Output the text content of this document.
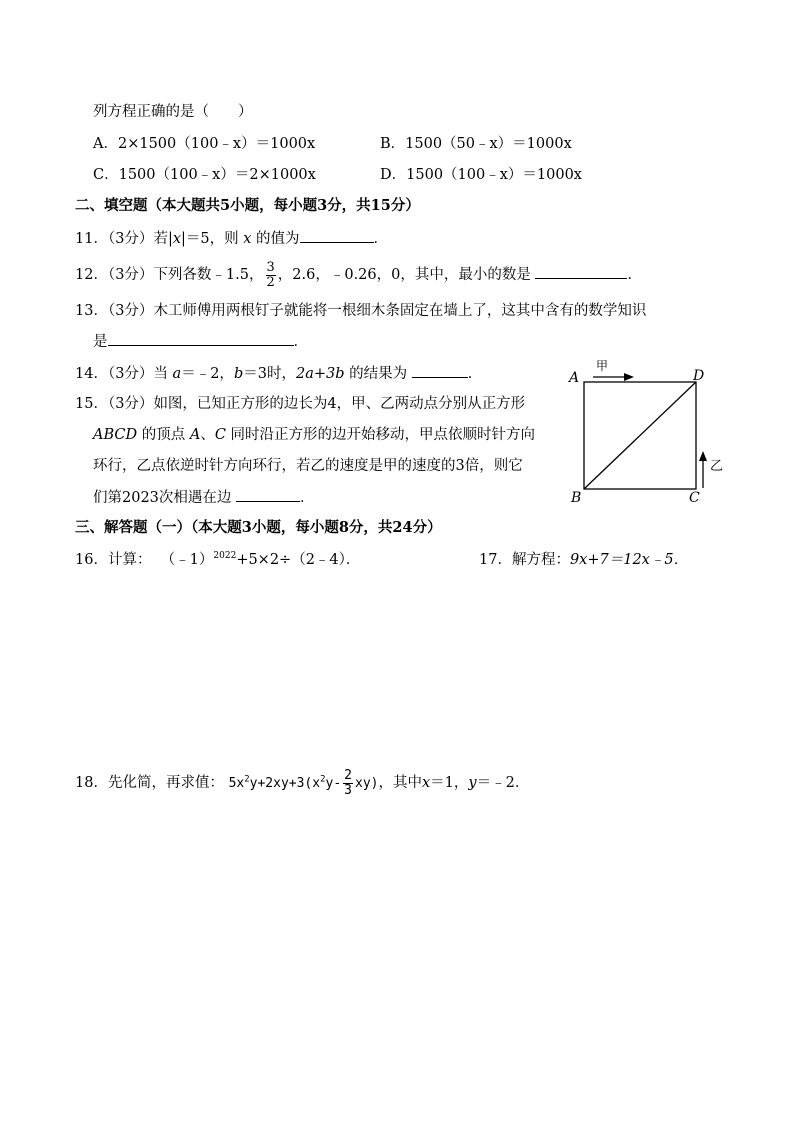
列方程正确的是（　　）
A．2×1500（100﹣x）＝1000x	B．1500（50﹣x）＝1000x
C．1500（100﹣x）＝2×1000x	D．1500（100﹣x）＝1000x
二、填空题（本大题共5小题，每小题3分，共15分）
11．（3分）若|x|＝5，则 x 的值为	．
12．（3分）下列各数﹣1.5， $\frac{3}{2}$ ，2.6，﹣0.26，0，其中，最小的数是	．
13．（3分）木工师傅用两根钉子就能将一根细木条固定在墙上了，这其中含有的数学知识
是	．
14．（3分）当 a＝﹣2，b＝3时，2a+3b 的结果为	．
15．（3分）如图，已知正方形的边长为4，甲、乙两动点分别从正方形
ABCD 的顶点 A、C 同时沿正方形的边开始移动，甲点依顺时针方向
环行，乙点依逆时针方向环行，若乙的速度是甲的速度的3倍，则它
们第2023次相遇在边	．
A	D
B	C
甲
乙
三、解答题（一）（本大题3小题，每小题8分，共24分）
16．计算： （﹣1）$^{2022}$+5×2÷（2﹣4）．	17．解方程：9x+7＝12x﹣5．
18．先化简，再求值： $5x^2y+2xy+3(x^2y- \frac{2}{3} xy)$，其中x＝1，y＝﹣2．
